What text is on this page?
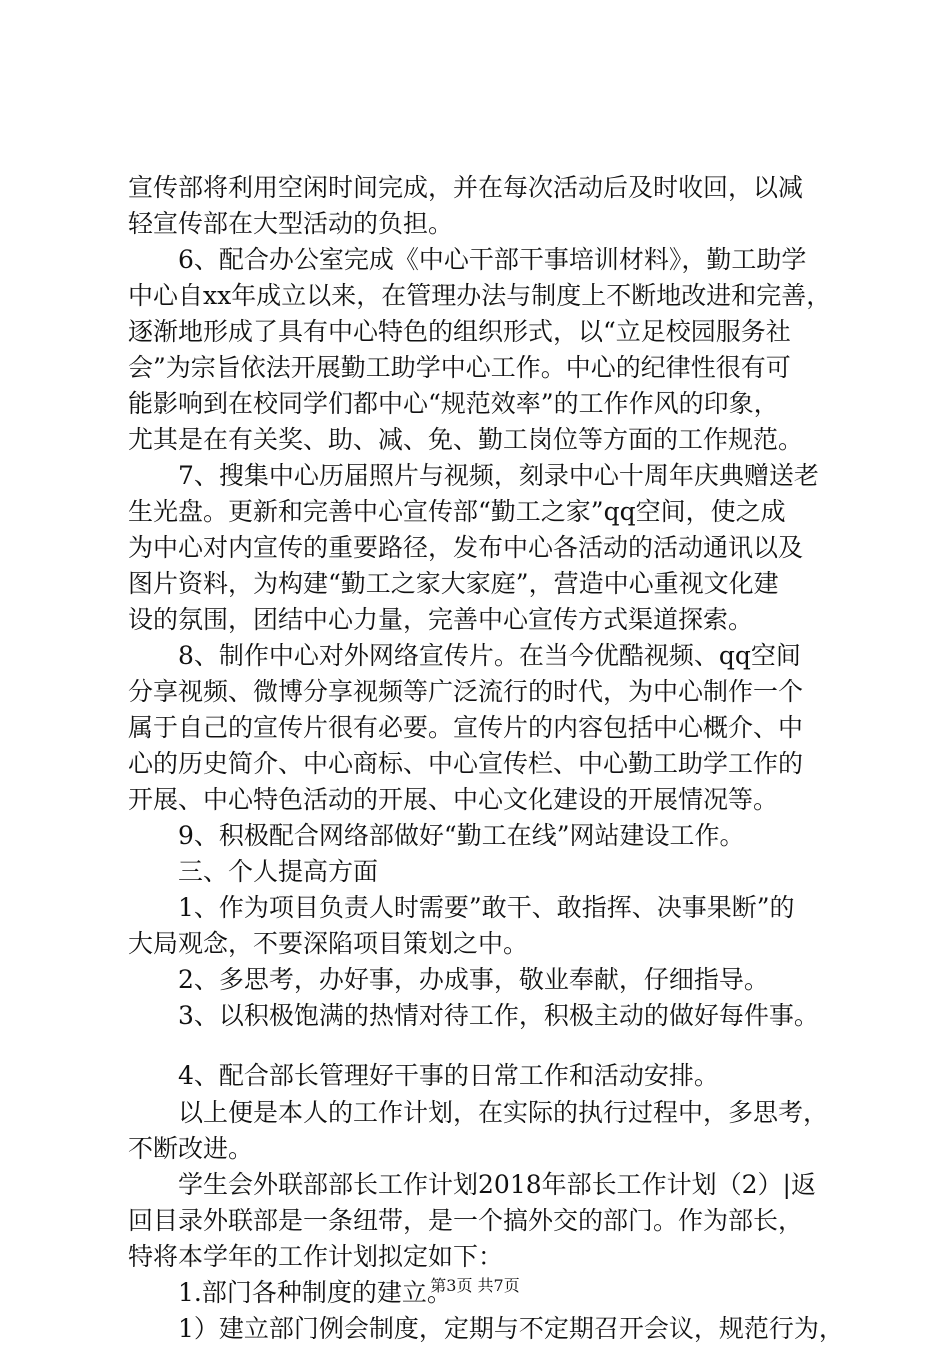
宣传部将利用空闲时间完成，并在每次活动后及时收回，以减
轻宣传部在大型活动的负担。
　　6、配合办公室完成《中心干部干事培训材料》，勤工助学
中心自xx年成立以来，在管理办法与制度上不断地改进和完善，
逐渐地形成了具有中心特色的组织形式，以“立足校园服务社
会”为宗旨依法开展勤工助学中心工作。中心的纪律性很有可
能影响到在校同学们都中心“规范效率”的工作作风的印象，
尤其是在有关奖、助、减、免、勤工岗位等方面的工作规范。
　　7、搜集中心历届照片与视频，刻录中心十周年庆典赠送老
生光盘。更新和完善中心宣传部“勤工之家”qq空间，使之成
为中心对内宣传的重要路径，发布中心各活动的活动通讯以及
图片资料，为构建“勤工之家大家庭”，营造中心重视文化建
设的氛围，团结中心力量，完善中心宣传方式渠道探索。
　　8、制作中心对外网络宣传片。在当今优酷视频、qq空间
分享视频、微博分享视频等广泛流行的时代，为中心制作一个
属于自己的宣传片很有必要。宣传片的内容包括中心概介、中
心的历史简介、中心商标、中心宣传栏、中心勤工助学工作的
开展、中心特色活动的开展、中心文化建设的开展情况等。
　　9、积极配合网络部做好“勤工在线”网站建设工作。
　　三、个人提高方面
　　1、作为项目负责人时需要”敢干、敢指挥、决事果断”的
大局观念，不要深陷项目策划之中。
　　2、多思考，办好事，办成事，敬业奉献，仔细指导。
　　3、以积极饱满的热情对待工作，积极主动的做好每件事。
　　4、配合部长管理好干事的日常工作和活动安排。
　　以上便是本人的工作计划，在实际的执行过程中，多思考，
不断改进。
　　学生会外联部部长工作计划2018年部长工作计划（2）|返
回目录外联部是一条纽带，是一个搞外交的部门。作为部长，
特将本学年的工作计划拟定如下：
　　1.部门各种制度的建立。
　　1）建立部门例会制度，定期与不定期召开会议，规范行为，
第3页 共7页
